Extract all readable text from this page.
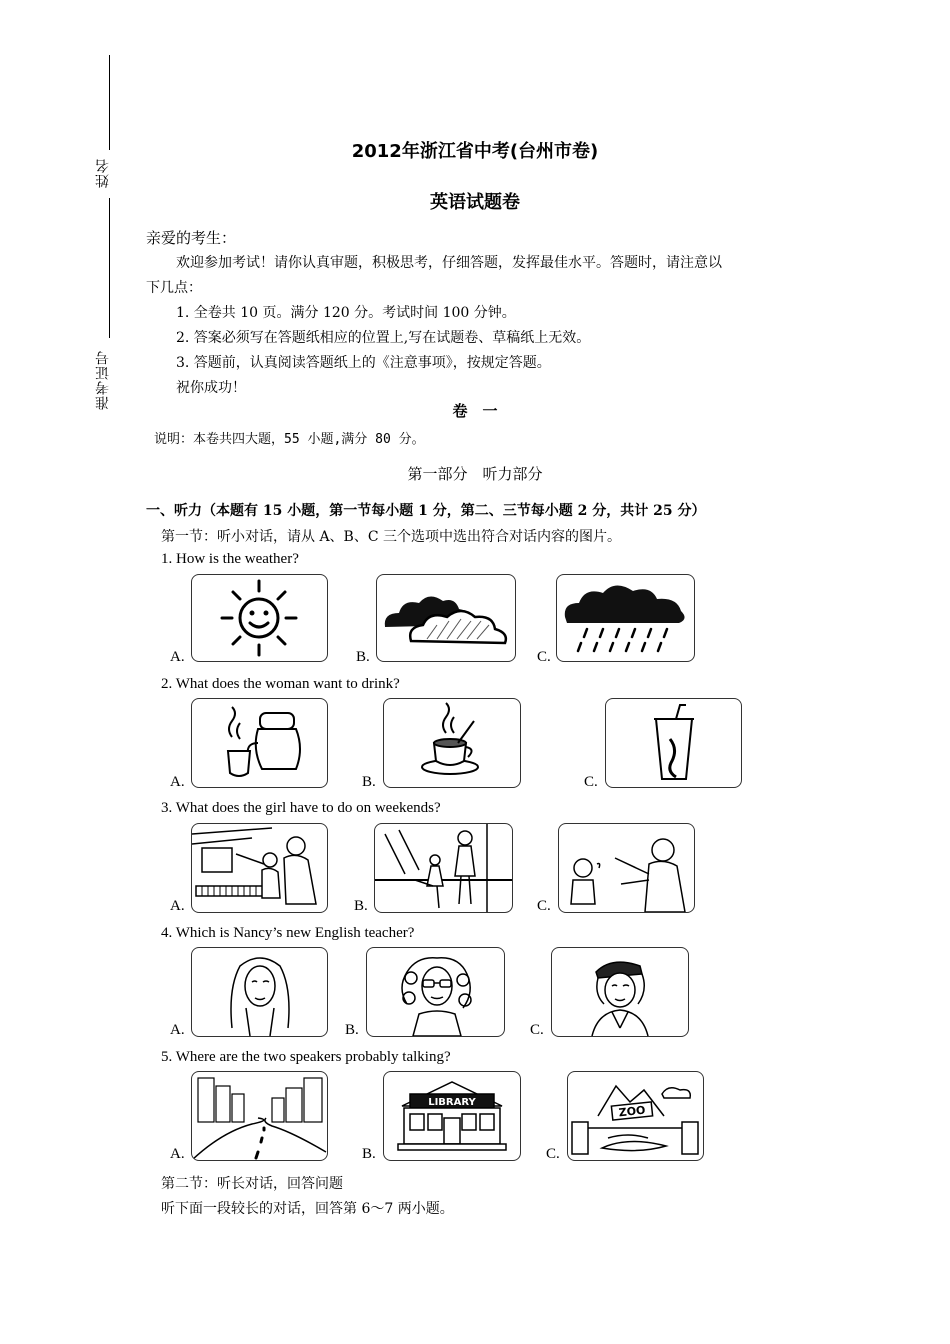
姓名
准考证号
2012年浙江省中考(台州市卷)
英语试题卷
亲爱的考生：
欢迎参加考试！请你认真审题，积极思考，仔细答题，发挥最佳水平。答题时，请注意以
下几点：
1. 全卷共 10 页。满分 120 分。考试时间 100 分钟。
2. 答案必须写在答题纸相应的位置上,写在试题卷、草稿纸上无效。
3. 答题前，认真阅读答题纸上的《注意事项》，按规定答题。
祝你成功！
卷　一
说明：本卷共四大题，55 小题,满分 80 分。
第一部分　听力部分
一、听力（本题有 15 小题，第一节每小题 1 分，第二、三节每小题 2 分，共计 25 分）
第一节：听小对话，请从 A、B、C 三个选项中选出符合对话内容的图片。
1. How is the weather?
A.	B.	C.
2. What does the woman want to drink?
A.	B.	C.
3. What does the girl have to do on weekends?
A.	B.	C.
4. Which is Nancy’s new English teacher?
A.	B.	C.
5. Where are the two speakers probably talking?
A.	B.
LIBRARY
C.
ZOO
第二节：听长对话，回答问题
听下面一段较长的对话，回答第 6～7 两小题。
